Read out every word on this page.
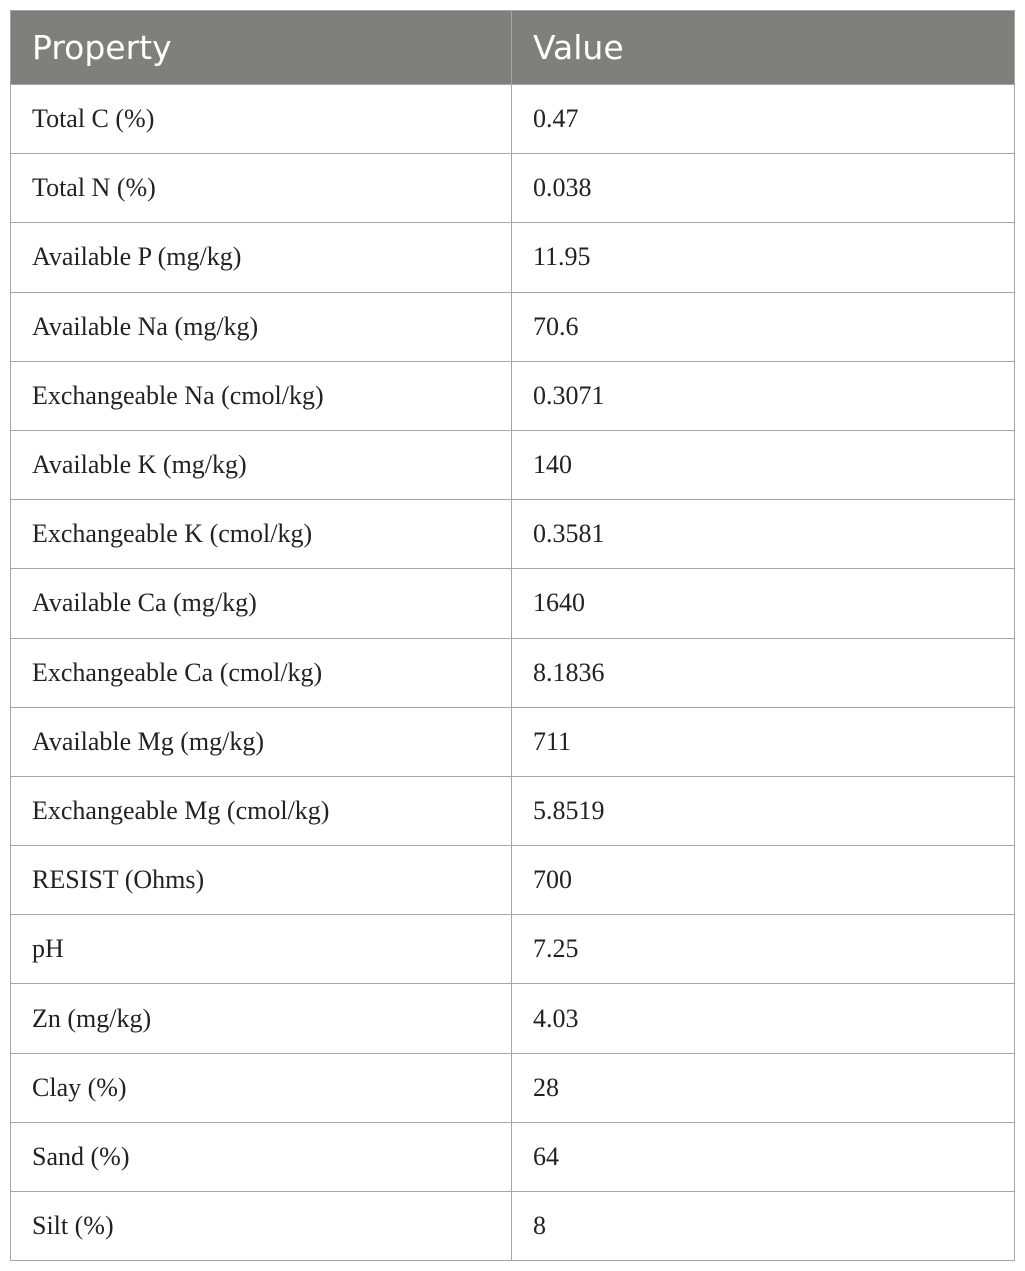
Property	Value
Total C (%)	0.47
Total N (%)	0.038
Available P (mg/kg)	11.95
Available Na (mg/kg)	70.6
Exchangeable Na (cmol/kg)	0.3071
Available K (mg/kg)	140
Exchangeable K (cmol/kg)	0.3581
Available Ca (mg/kg)	1640
Exchangeable Ca (cmol/kg)	8.1836
Available Mg (mg/kg)	711
Exchangeable Mg (cmol/kg)	5.8519
RESIST (Ohms)	700
pH	7.25
Zn (mg/kg)	4.03
Clay (%)	28
Sand (%)	64
Silt (%)	8
